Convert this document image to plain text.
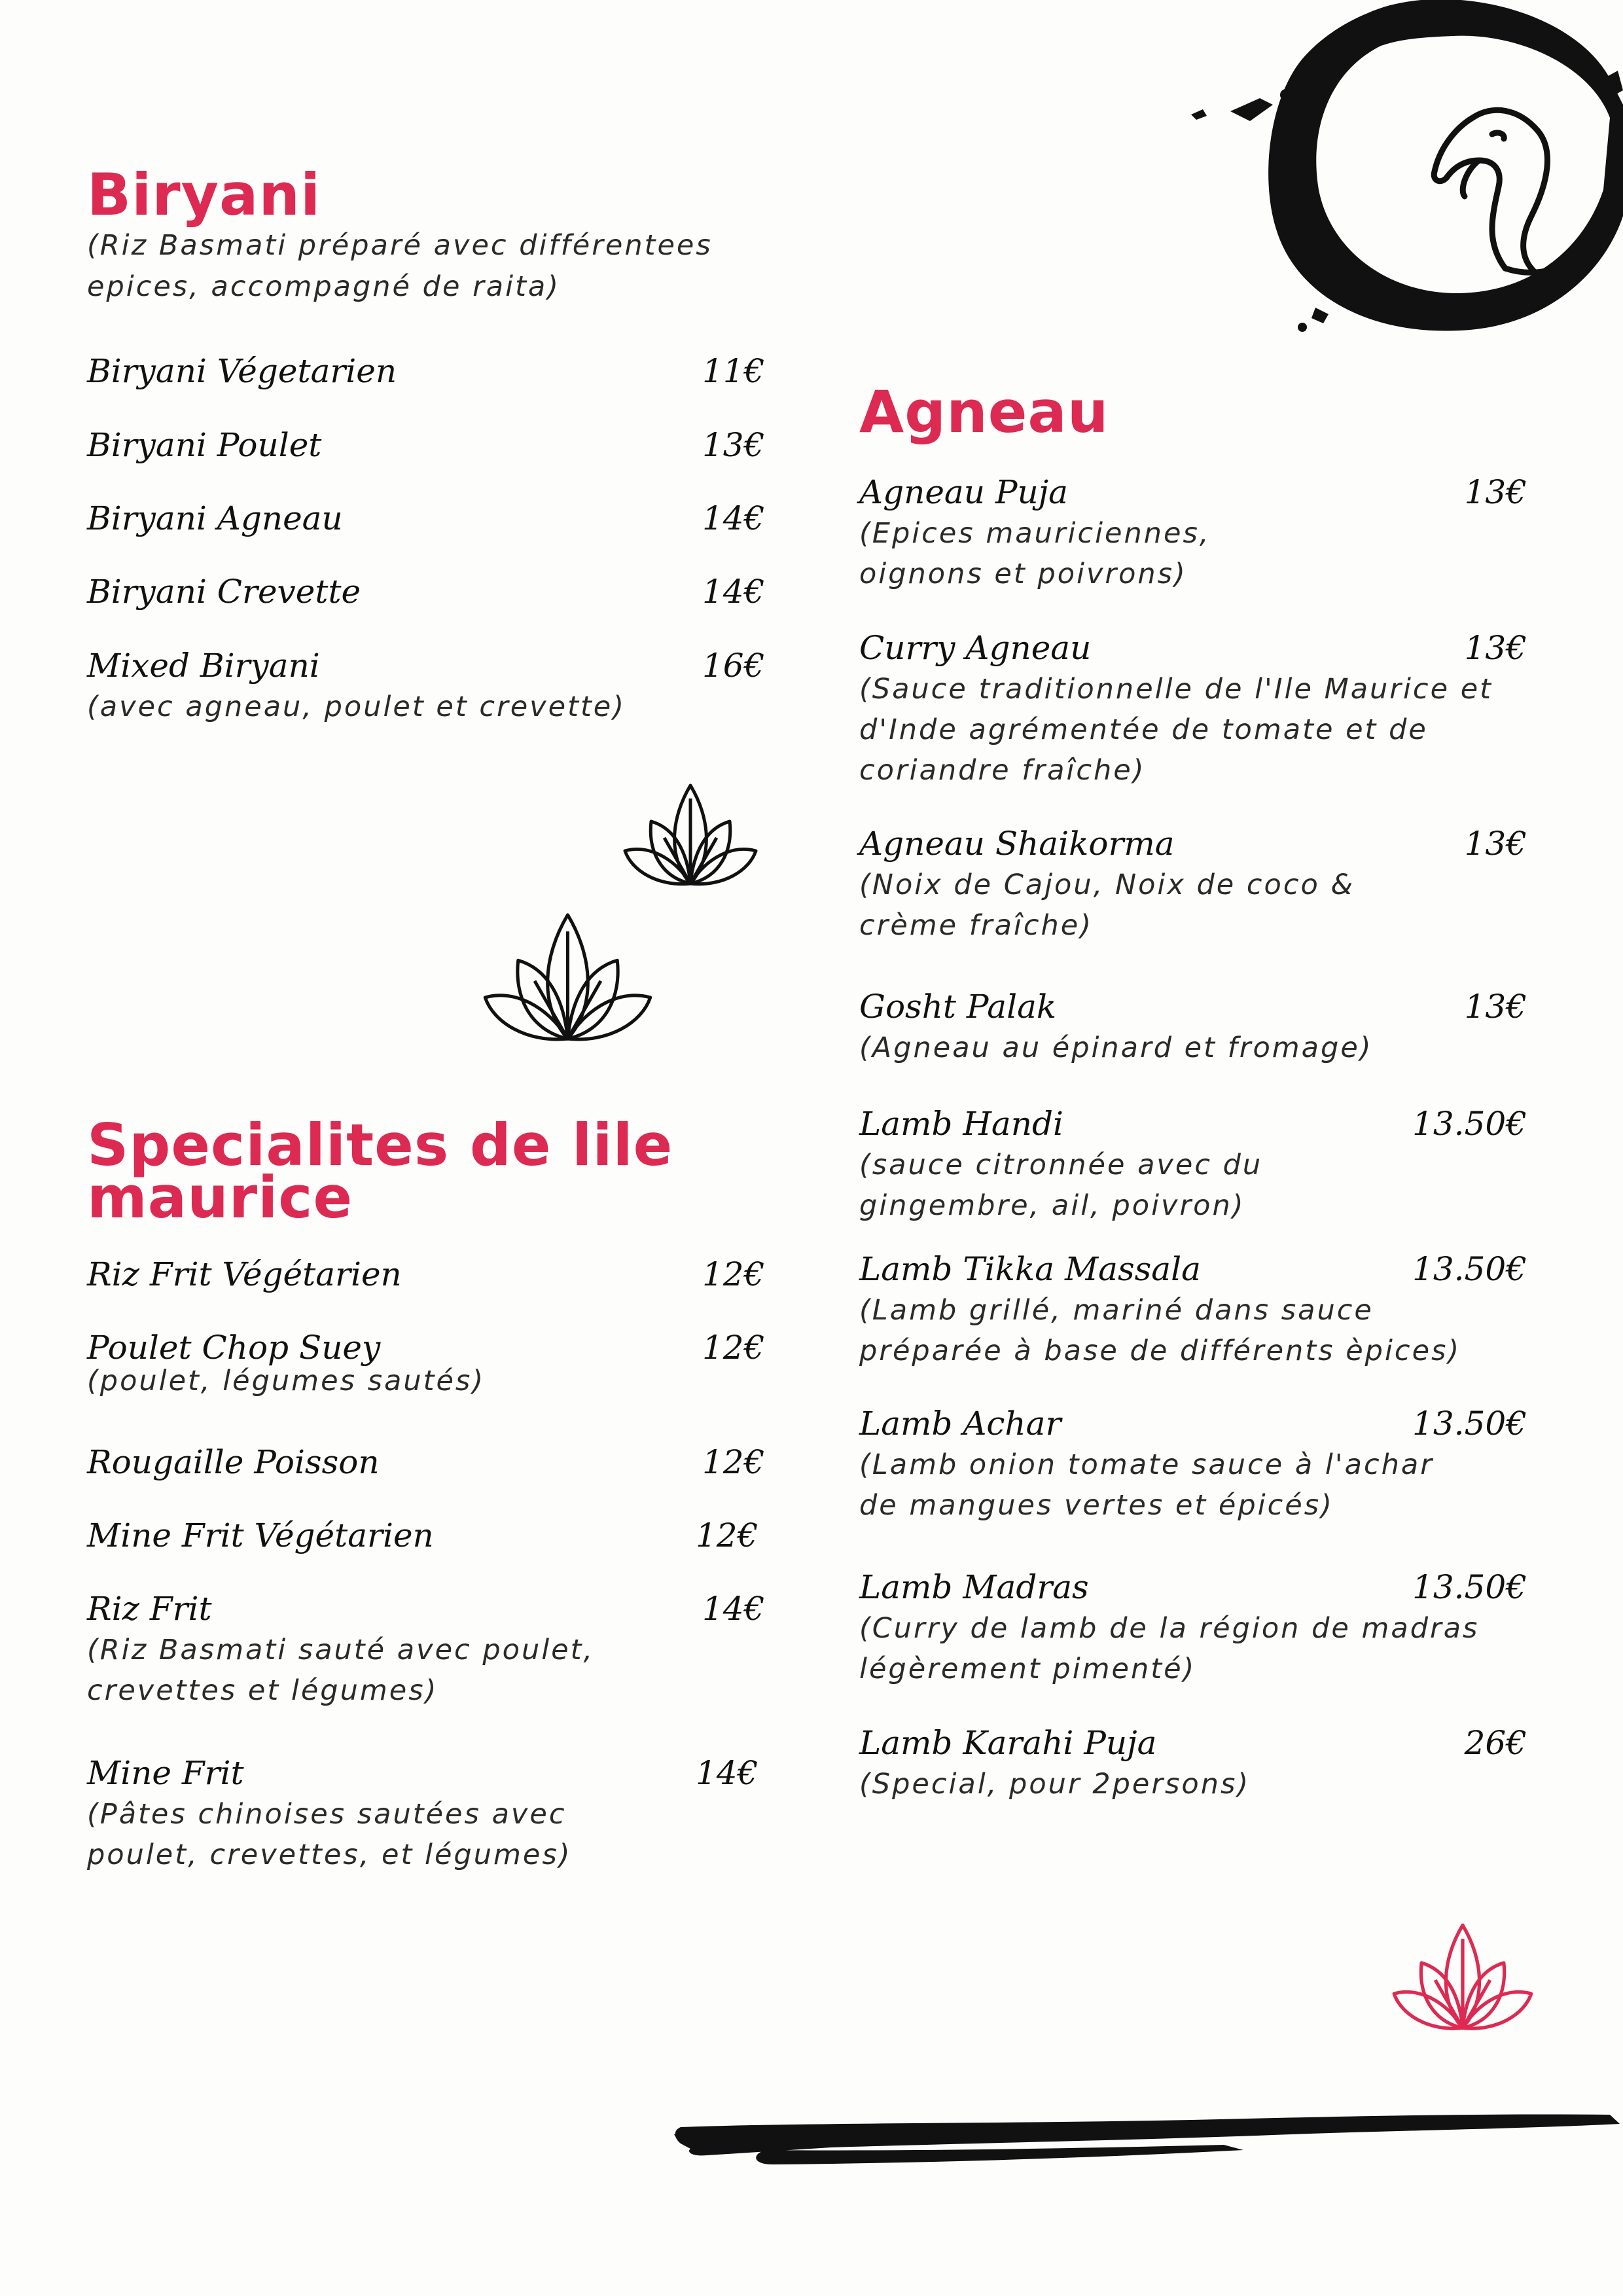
Biryani
(Riz Basmati préparé avec différentees epices, accompagné de raita)
Biryani Végetarien	11€
Biryani Poulet	13€
Biryani Agneau	14€
Biryani Crevette	14€
Mixed Biryani	16€
(avec agneau, poulet et crevette)
Specialites de lile
maurice
Riz Frit Végétarien	12€
Poulet Chop Suey	12€
(poulet, légumes sautés)
Rougaille Poisson	12€
Mine Frit Végétarien	12€
Riz Frit	14€
(Riz Basmati sauté avec poulet, crevettes et légumes)
Mine Frit	14€
(Pâtes chinoises sautées avec poulet, crevettes, et légumes)
Agneau
Agneau Puja	13€
(Epices mauriciennes, oignons et poivrons)
Curry Agneau	13€
(Sauce traditionnelle de l'Ile Maurice et d'Inde agrémentée de tomate et de coriandre fraîche)
Agneau Shaikorma	13€
(Noix de Cajou, Noix de coco & crème fraîche)
Gosht Palak	13€
(Agneau au épinard et fromage)
Lamb Handi	13.50€
(sauce citronnée avec du gingembre, ail, poivron)
Lamb Tikka Massala	13.50€
(Lamb grillé, mariné dans sauce préparée à base de différents èpices)
Lamb Achar	13.50€
(Lamb onion tomate sauce à l'achar de mangues vertes et épicés)
Lamb Madras	13.50€
(Curry de lamb de la région de madras légèrement pimenté)
Lamb Karahi Puja	26€
(Special, pour 2persons)
